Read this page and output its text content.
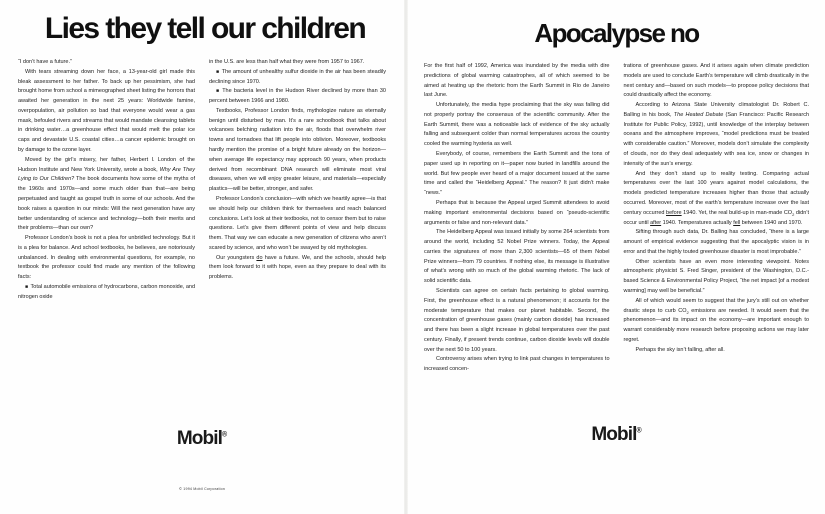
Lies they tell our children

“I don’t have a future.”

With tears streaming down her face, a 13-year-old girl made this bleak assessment to her father. To back up her pessimism, she had brought home from school a mimeographed sheet listing the horrors that awaited her generation in the next 25 years: Worldwide famine, overpopulation, air pollution so bad that everyone would wear a gas mask, befouled rivers and streams that would mandate cleansing tablets in drinking water…a greenhouse effect that would melt the polar ice caps and devastate U.S. coastal cities…a cancer epidemic brought on by damage to the ozone layer.

Moved by the girl’s misery, her father, Herbert I. London of the Hudson Institute and New York University, wrote a book, Why Are They Lying to Our Children? The book documents how some of the myths of the 1960s and 1970s—and some much older than that—are being perpetuated and taught as gospel truth in some of our schools. And the book raises a question in our minds: Will the next generation have any better understanding of science and technology—both their merits and their problems—than our own?

Professor London’s book is not a plea for unbridled technology. But it is a plea for balance. And school textbooks, he believes, are notoriously unbalanced. In dealing with environmental questions, for example, no textbook the professor could find made any mention of the following facts:

■ Total automobile emissions of hydrocarbons, carbon monoxide, and nitrogen oxide

in the U.S. are less than half what they were from 1957 to 1967.

■ The amount of unhealthy sulfur dioxide in the air has been steadily declining since 1970.

■ The bacteria level in the Hudson River declined by more than 30 percent between 1966 and 1980.

Textbooks, Professor London finds, mythologize nature as eternally benign until disturbed by man. It’s a rare schoolbook that talks about volcanoes belching radiation into the air, floods that overwhelm river towns and tornadoes that lift people into oblivion. Moreover, textbooks hardly mention the promise of a bright future already on the horizon—when average life expectancy may approach 90 years, when products derived from recombinant DNA research will eliminate most viral diseases, when we will enjoy greater leisure, and materials—especially plastics—will be better, stronger, and safer.

Professor London’s conclusion—with which we heartily agree—is that we should help our children think for themselves and reach balanced conclusions. Let’s look at their textbooks, not to censor them but to raise questions. Let’s give them different points of view and help discuss them. That way we can educate a new generation of citizens who aren’t scared by science, and who won’t be swayed by old mythologies.

Our youngsters do have a future. We, and the schools, should help them look forward to it with hope, even as they prepare to deal with its problems.

Mobil®
© 1994 Mobil Corporation
Apocalypse no

For the first half of 1992, America was inundated by the media with dire predictions of global warming catastrophes, all of which seemed to be aimed at heating up the rhetoric from the Earth Summit in Rio de Janeiro last June.

Unfortunately, the media hype proclaiming that the sky was falling did not properly portray the consensus of the scientific community. After the Earth Summit, there was a noticeable lack of evidence of the sky actually falling and subsequent colder than normal temperatures across the country cooled the warming hysteria as well.

Everybody, of course, remembers the Earth Summit and the tons of paper used up in reporting on it—paper now buried in landfills around the world. But few people ever heard of a major document issued at the same time and called the “Heidelberg Appeal.” The reason? It just didn’t make “news.”

Perhaps that is because the Appeal urged Summit attendees to avoid making important environmental decisions based on “pseudo-scientific arguments or false and non-relevant data.”

The Heidelberg Appeal was issued initially by some 264 scientists from around the world, including 52 Nobel Prize winners. Today, the Appeal carries the signatures of more than 2,300 scientists—65 of them Nobel Prize winners—from 79 countries. If nothing else, its message is illustrative of what’s wrong with so much of the global warming rhetoric. The lack of solid scientific data.

Scientists can agree on certain facts pertaining to global warming. First, the greenhouse effect is a natural phenomenon; it accounts for the moderate temperature that makes our planet habitable. Second, the concentration of greenhouse gases (mainly carbon dioxide) has increased and there has been a slight increase in global temperatures over the past century. Finally, if present trends continue, carbon dioxide levels will double over the next 50 to 100 years.

Controversy arises when trying to link past changes in temperatures to increased concen-

trations of greenhouse gases. And it arises again when climate prediction models are used to conclude Earth’s temperature will climb drastically in the next century and—based on such models—to propose policy decisions that could drastically affect the economy.

According to Arizona State University climatologist Dr. Robert C. Balling in his book, The Heated Debate (San Francisco: Pacific Research Institute for Public Policy, 1992), until knowledge of the interplay between oceans and the atmosphere improves, “model predictions must be treated with considerable caution.” Moreover, models don’t simulate the complexity of clouds, nor do they deal adequately with sea ice, snow or changes in intensity of the sun’s energy.

And they don’t stand up to reality testing. Comparing actual temperatures over the last 100 years against model calculations, the models predicted temperature increases higher than those that actually occurred. Moreover, most of the earth’s temperature increase over the last century occurred before 1940. Yet, the real build-up in man-made $CO_2$ didn’t occur until after 1940. Temperatures actually fell between 1940 and 1970.

Sifting through such data, Dr. Balling has concluded, “there is a large amount of empirical evidence suggesting that the apocalyptic vision is in error and that the highly touted greenhouse disaster is most improbable.”

Other scientists have an even more interesting viewpoint. Notes atmospheric physicist S. Fred Singer, president of the Washington, D.C.-based Science & Environmental Policy Project, “the net impact [of a modest warming] may well be beneficial.”

All of which would seem to suggest that the jury’s still out on whether drastic steps to curb $CO_2$ emissions are needed. It would seem that the phenomenon—and its impact on the economy—are important enough to warrant considerably more research before proposing actions we may later regret.

Perhaps the sky isn’t falling, after all.

Mobil®
